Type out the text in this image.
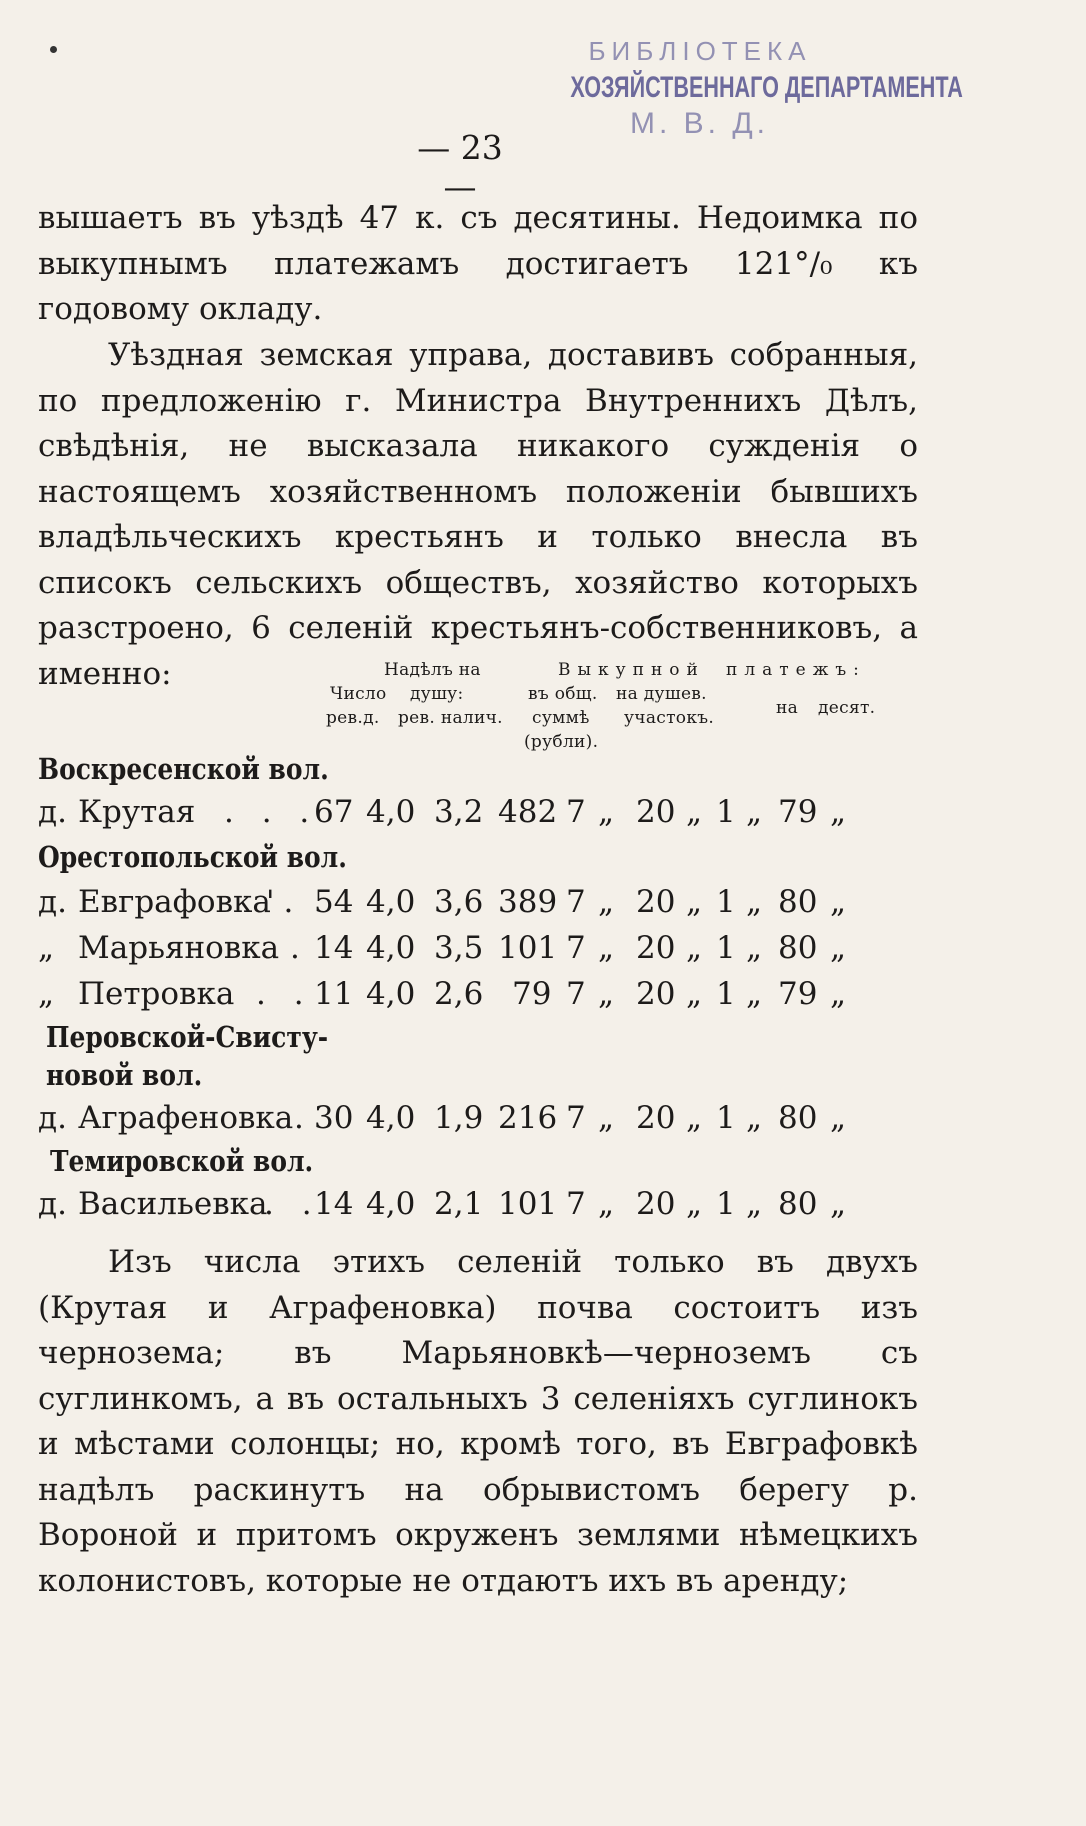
БИБЛІОТЕКА
ХОЗЯЙСТВЕННАГО ДЕПАРТАМЕНТА
М. В. Д.
— 23 —
вышаетъ въ уѣздѣ 47 к. съ десятины. Недоимка по выкупнымъ платежамъ достигаетъ 121°/₀ къ годовому окладу.
Уѣздная земская управа, доставивъ собранныя, по предложенію г. Министра Внутреннихъ Дѣлъ, свѣдѣнія, не высказала никакого сужденія о настоящемъ хозяйственномъ положеніи бывшихъ владѣльческихъ крестьянъ и только внесла въ списокъ сельскихъ обществъ, хозяйство которыхъ разстроено, 6 селеній крестьянъ-собственниковъ, а именно:	Надѣлъ на
душу:
Число
рев.д. рев. налич.
Выкупной платежъ:
въ общ.
суммѣ
(рубли).
на душев.
участокъ.	на десят.
Воскресенской вол.
д. Крутая . . .
67 4,0 3,2 482 7 „ 20 „ 1 „ 79 „
Орестопольской вол.
д. Евграфовка
'. 54 4,0 3,6 389 7 „ 20 „ 1 „ 80 „
„ Марьяновка . 14 4,0 3,5 101 7 „ 20 „ 1 „ 80 „
„ Петровка . . 11 4,0 2,6 79 7 „ 20 „ 1 „ 79 „
Перовской-Свисту-
новой вол.
д. Аграфеновка . 30 4,0 1,9 216 7 „ 20 „ 1 „ 80 „
Темировской вол.
д. Васильевка
. .
14 4,0 2,1 101 7 „ 20 „ 1 „ 80 „
Изъ числа этихъ селеній только въ двухъ (Крутая и Аграфеновка) почва состоитъ изъ чернозема; въ Марьяновкѣ—черноземъ съ суглинкомъ, а въ остальныхъ 3 селеніяхъ суглинокъ и мѣстами солонцы; но, кромѣ того, въ Евграфовкѣ надѣлъ раскинутъ на обрывистомъ берегу р. Вороной и притомъ окруженъ землями нѣмецкихъ колонистовъ, которые не отдаютъ ихъ въ аренду;
